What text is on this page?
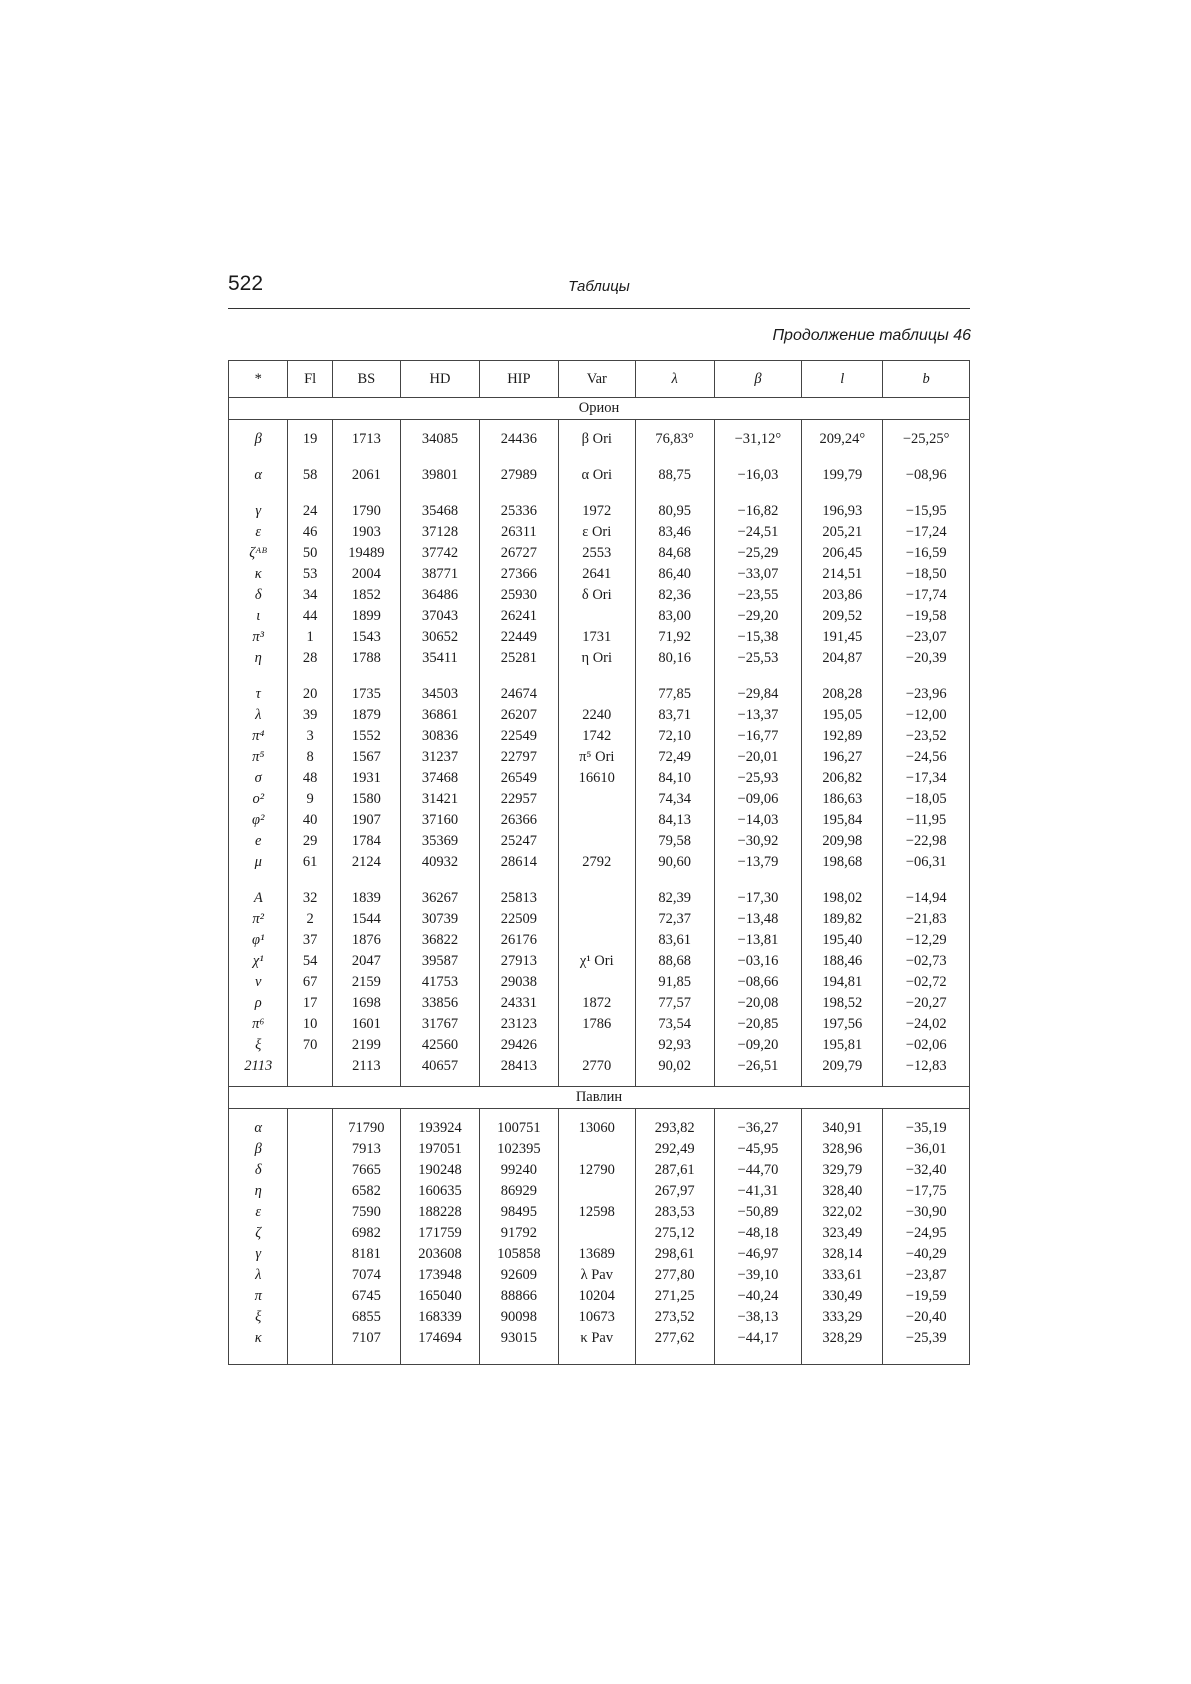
522	Таблицы
Продолжение таблицы 46
*	Fl	BS	HD	HIP	Var	λ	β	l	b
Орион									

β	19	1713	34085	24436	β Ori	76,83°	−31,12°	209,24°	−25,25°

α	58	2061	39801	27989	α Ori	88,75	−16,03	199,79	−08,96

γ	24	1790	35468	25336	1972	80,95	−16,82	196,93	−15,95
ε	46	1903	37128	26311	ε Ori	83,46	−24,51	205,21	−17,24
ζᴬᴮ	50	19489	37742	26727	2553	84,68	−25,29	206,45	−16,59
κ	53	2004	38771	27366	2641	86,40	−33,07	214,51	−18,50
δ	34	1852	36486	25930	δ Ori	82,36	−23,55	203,86	−17,74
ι	44	1899	37043	26241		83,00	−29,20	209,52	−19,58
π³	1	1543	30652	22449	1731	71,92	−15,38	191,45	−23,07
η	28	1788	35411	25281	η Ori	80,16	−25,53	204,87	−20,39

τ	20	1735	34503	24674		77,85	−29,84	208,28	−23,96
λ	39	1879	36861	26207	2240	83,71	−13,37	195,05	−12,00
π⁴	3	1552	30836	22549	1742	72,10	−16,77	192,89	−23,52
π⁵	8	1567	31237	22797	π⁵ Ori	72,49	−20,01	196,27	−24,56
σ	48	1931	37468	26549	16610	84,10	−25,93	206,82	−17,34
o²	9	1580	31421	22957		74,34	−09,06	186,63	−18,05
φ²	40	1907	37160	26366		84,13	−14,03	195,84	−11,95
e	29	1784	35369	25247		79,58	−30,92	209,98	−22,98
μ	61	2124	40932	28614	2792	90,60	−13,79	198,68	−06,31

A	32	1839	36267	25813		82,39	−17,30	198,02	−14,94
π²	2	1544	30739	22509		72,37	−13,48	189,82	−21,83
φ¹	37	1876	36822	26176		83,61	−13,81	195,40	−12,29
χ¹	54	2047	39587	27913	χ¹ Ori	88,68	−03,16	188,46	−02,73
ν	67	2159	41753	29038		91,85	−08,66	194,81	−02,72
ρ	17	1698	33856	24331	1872	77,57	−20,08	198,52	−20,27
π⁶	10	1601	31767	23123	1786	73,54	−20,85	197,56	−24,02
ξ	70	2199	42560	29426		92,93	−09,20	195,81	−02,06
2113		2113	40657	28413	2770	90,02	−26,51	209,79	−12,83

Павлин									

α		71790	193924	100751	13060	293,82	−36,27	340,91	−35,19
β		7913	197051	102395		292,49	−45,95	328,96	−36,01
δ		7665	190248	99240	12790	287,61	−44,70	329,79	−32,40
η		6582	160635	86929		267,97	−41,31	328,40	−17,75
ε		7590	188228	98495	12598	283,53	−50,89	322,02	−30,90
ζ		6982	171759	91792		275,12	−48,18	323,49	−24,95
γ		8181	203608	105858	13689	298,61	−46,97	328,14	−40,29
λ		7074	173948	92609	λ Pav	277,80	−39,10	333,61	−23,87
π		6745	165040	88866	10204	271,25	−40,24	330,49	−19,59
ξ		6855	168339	90098	10673	273,52	−38,13	333,29	−20,40
κ		7107	174694	93015	κ Pav	277,62	−44,17	328,29	−25,39
